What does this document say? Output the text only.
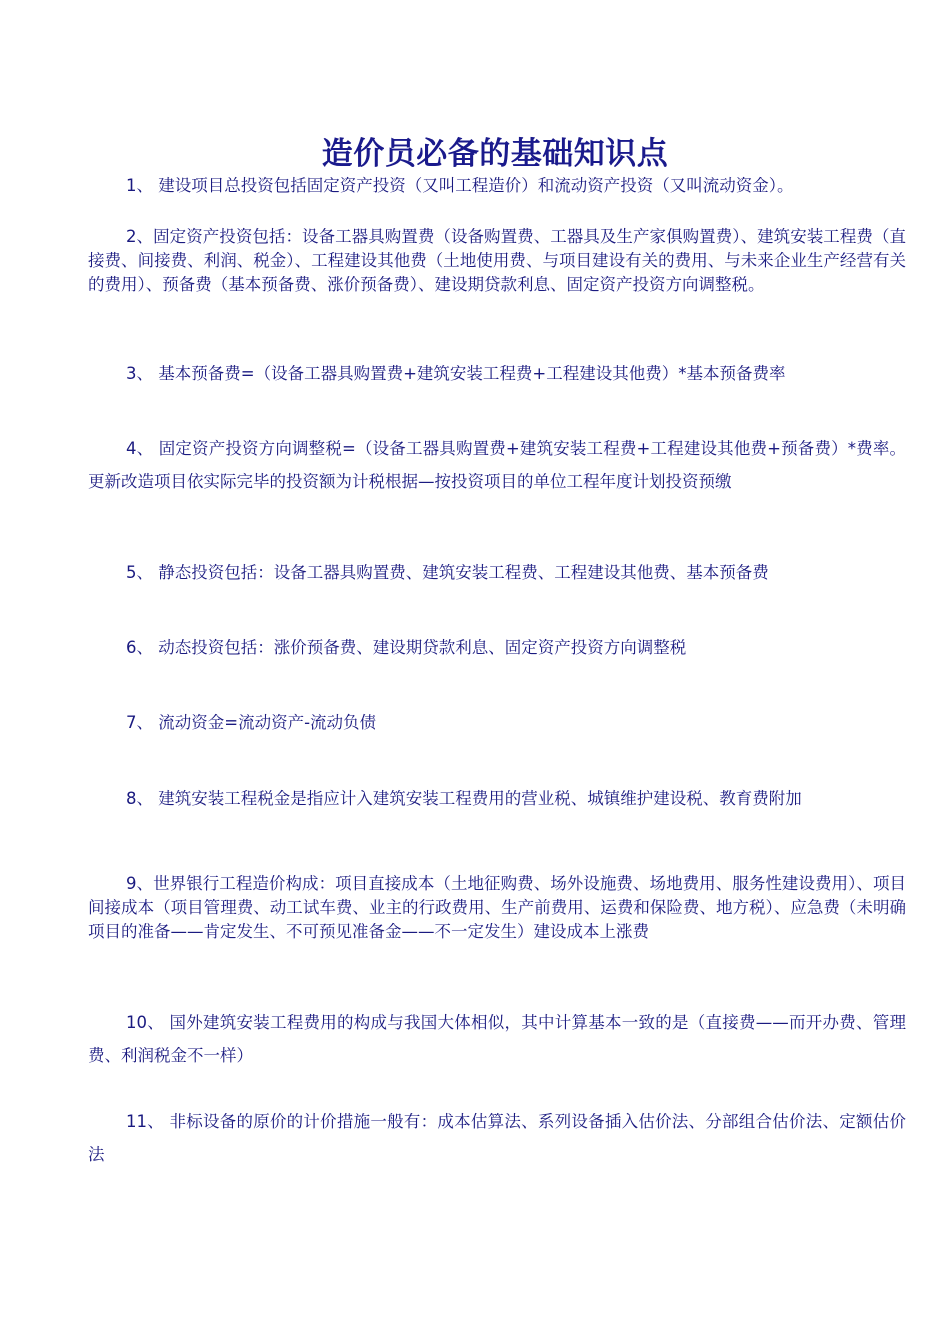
造价员必备的基础知识点
1、 建设项目总投资包括固定资产投资（又叫工程造价）和流动资产投资（又叫流动资金）。
2、固定资产投资包括：设备工器具购置费（设备购置费、工器具及生产家俱购置费）、建筑安装工程费（直接费、间接费、利润、税金）、工程建设其他费（土地使用费、与项目建设有关的费用、与未来企业生产经营有关的费用）、预备费（基本预备费、涨价预备费）、建设期贷款利息、固定资产投资方向调整税。
3、 基本预备费=（设备工器具购置费+建筑安装工程费+工程建设其他费）*基本预备费率
4、 固定资产投资方向调整税=（设备工器具购置费+建筑安装工程费+工程建设其他费+预备费）*费率。更新改造项目依实际完毕的投资额为计税根据—按投资项目的单位工程年度计划投资预缴
5、 静态投资包括：设备工器具购置费、建筑安装工程费、工程建设其他费、基本预备费
6、 动态投资包括：涨价预备费、建设期贷款利息、固定资产投资方向调整税
7、 流动资金=流动资产-流动负债
8、 建筑安装工程税金是指应计入建筑安装工程费用的营业税、城镇维护建设税、教育费附加
9、世界银行工程造价构成：项目直接成本（土地征购费、场外设施费、场地费用、服务性建设费用）、项目间接成本（项目管理费、动工试车费、业主的行政费用、生产前费用、运费和保险费、地方税）、应急费（未明确项目的准备——肯定发生、不可预见准备金——不一定发生）建设成本上涨费
10、 国外建筑安装工程费用的构成与我国大体相似，其中计算基本一致的是（直接费——而开办费、管理费、利润税金不一样）
11、 非标设备的原价的计价措施一般有：成本估算法、系列设备插入估价法、分部组合估价法、定额估价法
